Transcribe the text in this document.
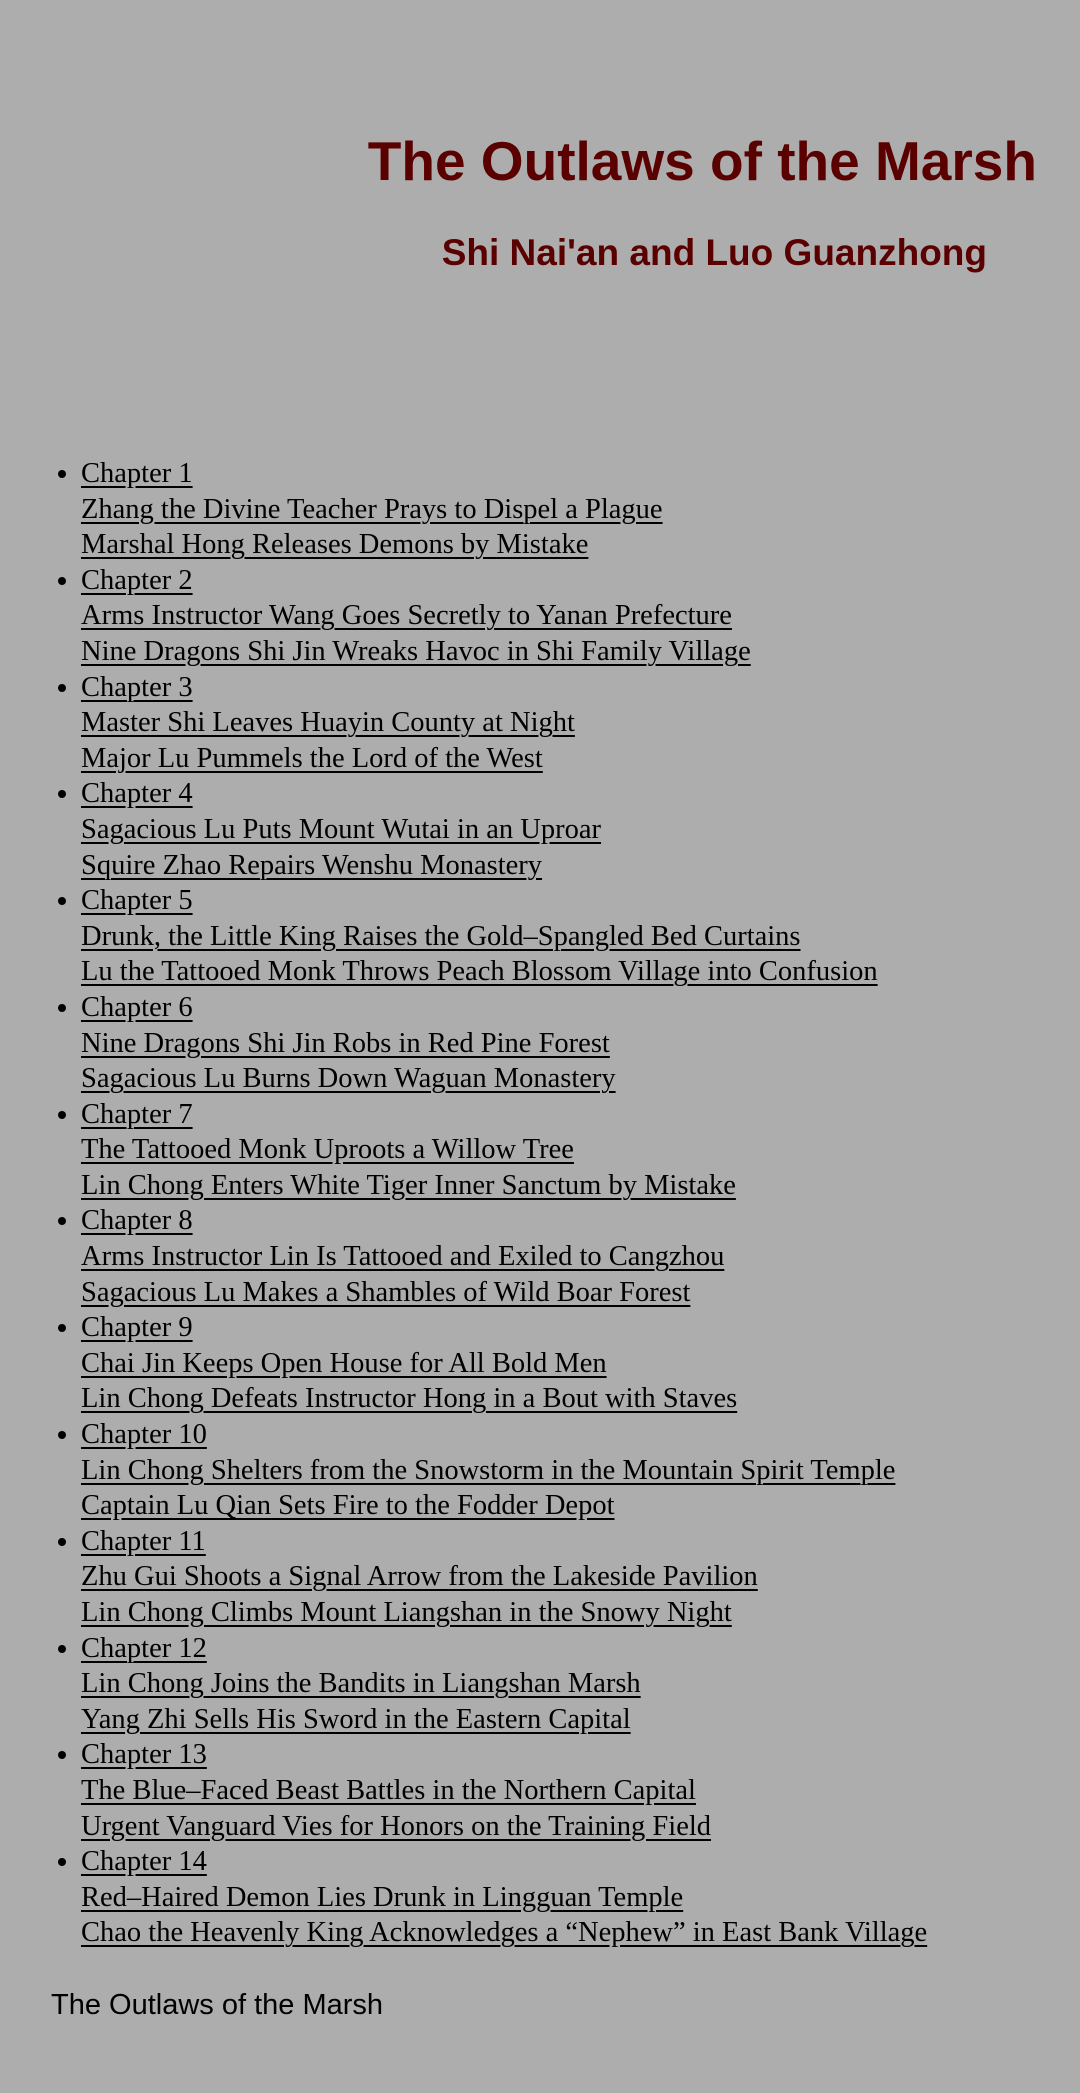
The Outlaws of the Marsh
Shi Nai'an and Luo Guanzhong
• Chapter 1
Zhang the Divine Teacher Prays to Dispel a Plague
Marshal Hong Releases Demons by Mistake
• Chapter 2
Arms Instructor Wang Goes Secretly to Yanan Prefecture
Nine Dragons Shi Jin Wreaks Havoc in Shi Family Village
• Chapter 3
Master Shi Leaves Huayin County at Night
Major Lu Pummels the Lord of the West
• Chapter 4
Sagacious Lu Puts Mount Wutai in an Uproar
Squire Zhao Repairs Wenshu Monastery
• Chapter 5
Drunk, the Little King Raises the Gold–Spangled Bed Curtains
Lu the Tattooed Monk Throws Peach Blossom Village into Confusion
• Chapter 6
Nine Dragons Shi Jin Robs in Red Pine Forest
Sagacious Lu Burns Down Waguan Monastery
• Chapter 7
The Tattooed Monk Uproots a Willow Tree
Lin Chong Enters White Tiger Inner Sanctum by Mistake
• Chapter 8
Arms Instructor Lin Is Tattooed and Exiled to Cangzhou
Sagacious Lu Makes a Shambles of Wild Boar Forest
• Chapter 9
Chai Jin Keeps Open House for All Bold Men
Lin Chong Defeats Instructor Hong in a Bout with Staves
• Chapter 10
Lin Chong Shelters from the Snowstorm in the Mountain Spirit Temple
Captain Lu Qian Sets Fire to the Fodder Depot
• Chapter 11
Zhu Gui Shoots a Signal Arrow from the Lakeside Pavilion
Lin Chong Climbs Mount Liangshan in the Snowy Night
• Chapter 12
Lin Chong Joins the Bandits in Liangshan Marsh
Yang Zhi Sells His Sword in the Eastern Capital
• Chapter 13
The Blue–Faced Beast Battles in the Northern Capital
Urgent Vanguard Vies for Honors on the Training Field
• Chapter 14
Red–Haired Demon Lies Drunk in Lingguan Temple
Chao the Heavenly King Acknowledges a “Nephew” in East Bank Village
The Outlaws of the Marsh
